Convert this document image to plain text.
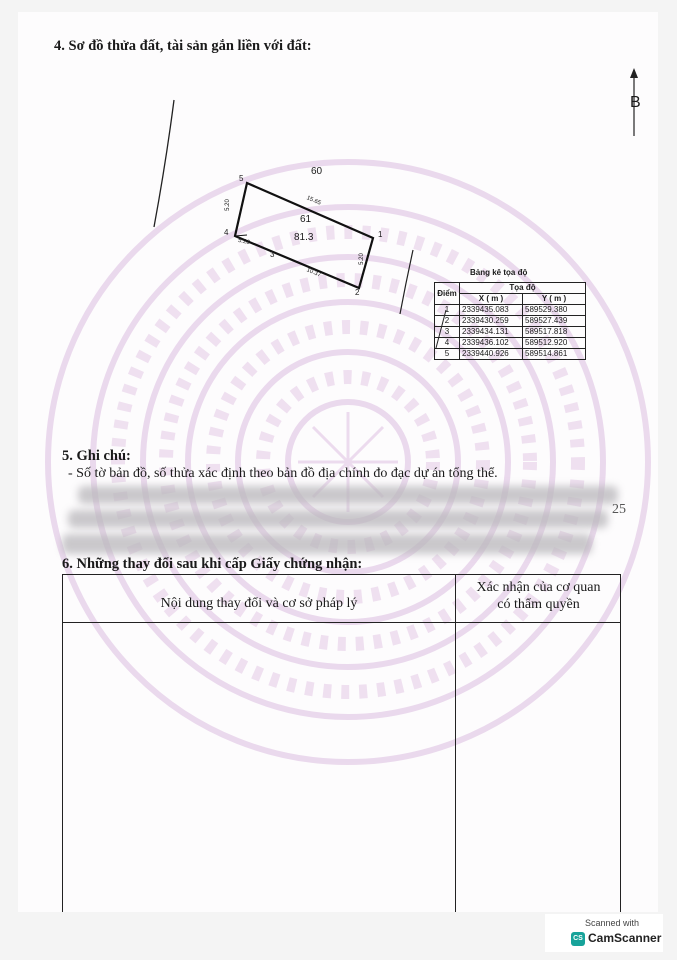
4. Sơ đồ thửa đất, tài sản gắn liền với đất:
B
60
61
81.3	1
2
3
4
5
15.65
5.20
5.28
10.37
5.20
Bảng kê tọa độ
Điểm	Tọa độ	
	X ( m )	Y ( m )
1	2339435.083	589529.380
2	2339430.259	589527.439
3	2339434.131	589517.818
4	2339436.102	589512.920
5	2339440.926	589514.861
5. Ghi chú:
- Số tờ bản đồ, số thửa xác định theo bản đồ địa chính đo đạc dự án tổng thể.
25
6. Những thay đổi sau khi cấp Giấy chứng nhận:
Nội dung thay đổi và cơ sở pháp lý
Xác nhận của cơ quan
có thẩm quyền
Scanned with
CS CamScanner
